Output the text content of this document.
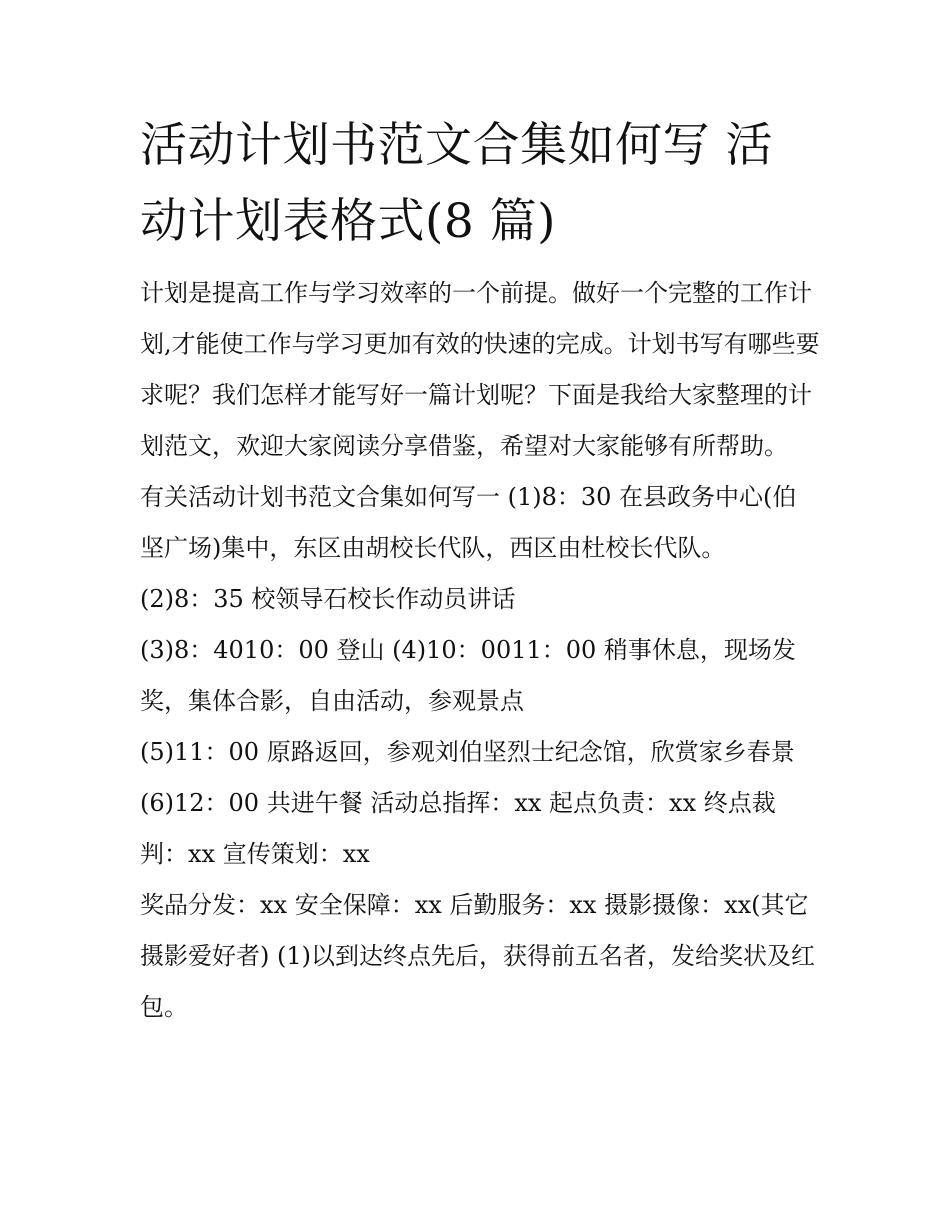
活动计划书范文合集如何写 活动计划表格式(8 篇)

计划是提高工作与学习效率的一个前提。做好一个完整的工作计划,才能使工作与学习更加有效的快速的完成。计划书写有哪些要求呢？我们怎样才能写好一篇计划呢？下面是我给大家整理的计划范文，欢迎大家阅读分享借鉴，希望对大家能够有所帮助。

有关活动计划书范文合集如何写一 (1)8：30 在县政务中心(伯坚广场)集中，东区由胡校长代队，西区由杜校长代队。

(2)8：35 校领导石校长作动员讲话

(3)8：4010：00 登山 (4)10：0011：00 稍事休息，现场发奖，集体合影，自由活动，参观景点

(5)11：00 原路返回，参观刘伯坚烈士纪念馆，欣赏家乡春景

(6)12：00 共进午餐 活动总指挥：xx 起点负责：xx 终点裁判：xx 宣传策划：xx

奖品分发：xx 安全保障：xx 后勤服务：xx 摄影摄像：xx(其它摄影爱好者) (1)以到达终点先后，获得前五名者，发给奖状及红包。
